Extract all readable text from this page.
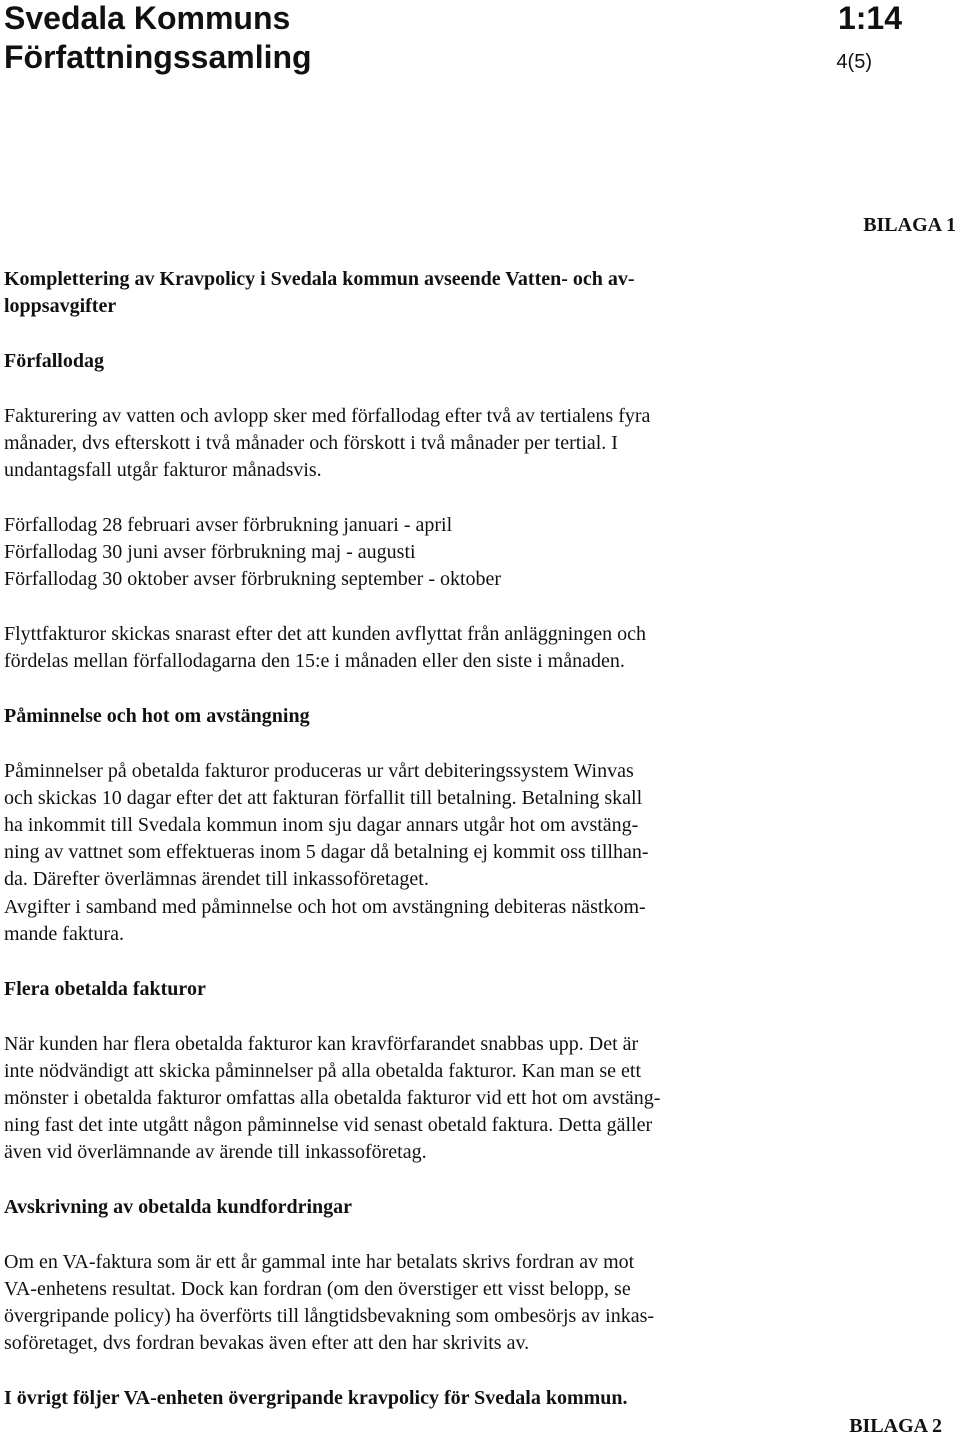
Svedala Kommuns
Författningssamling
1:14
4(5)
BILAGA 1
Komplettering av Kravpolicy i Svedala kommun avseende Vatten- och av-
loppsavgifter
Förfallodag
Fakturering av vatten och avlopp sker med förfallodag efter två av tertialens fyra
månader, dvs efterskott i två månader och förskott i två månader per tertial. I
undantagsfall utgår fakturor månadsvis.
Förfallodag 28 februari avser förbrukning januari - april
Förfallodag 30 juni avser förbrukning maj - augusti
Förfallodag 30 oktober avser förbrukning september - oktober
Flyttfakturor skickas snarast efter det att kunden avflyttat från anläggningen och
fördelas mellan förfallodagarna den 15:e i månaden eller den siste i månaden.
Påminnelse och hot om avstängning
Påminnelser på obetalda fakturor produceras ur vårt debiteringssystem Winvas
och skickas 10 dagar efter det att fakturan förfallit till betalning. Betalning skall
ha inkommit till Svedala kommun inom sju dagar annars utgår hot om avstäng-
ning av vattnet som effektueras inom 5 dagar då betalning ej kommit oss tillhan-
da. Därefter överlämnas ärendet till inkassoföretaget.
Avgifter i samband med påminnelse och hot om avstängning debiteras nästkom-
mande faktura.
Flera obetalda fakturor
När kunden har flera obetalda fakturor kan kravförfarandet snabbas upp. Det är
inte nödvändigt att skicka påminnelser på alla obetalda fakturor. Kan man se ett
mönster i obetalda fakturor omfattas alla obetalda fakturor vid ett hot om avstäng-
ning fast det inte utgått någon påminnelse vid senast obetald faktura. Detta gäller
även vid överlämnande av ärende till inkassoföretag.
Avskrivning av obetalda kundfordringar
Om en VA-faktura som är ett år gammal inte har betalats skrivs fordran av mot
VA-enhetens resultat. Dock kan fordran (om den överstiger ett visst belopp, se
övergripande policy) ha överförts till långtidsbevakning som ombesörjs av inkas-
soföretaget, dvs fordran bevakas även efter att den har skrivits av.
I övrigt följer VA-enheten övergripande kravpolicy för Svedala kommun.
BILAGA 2
